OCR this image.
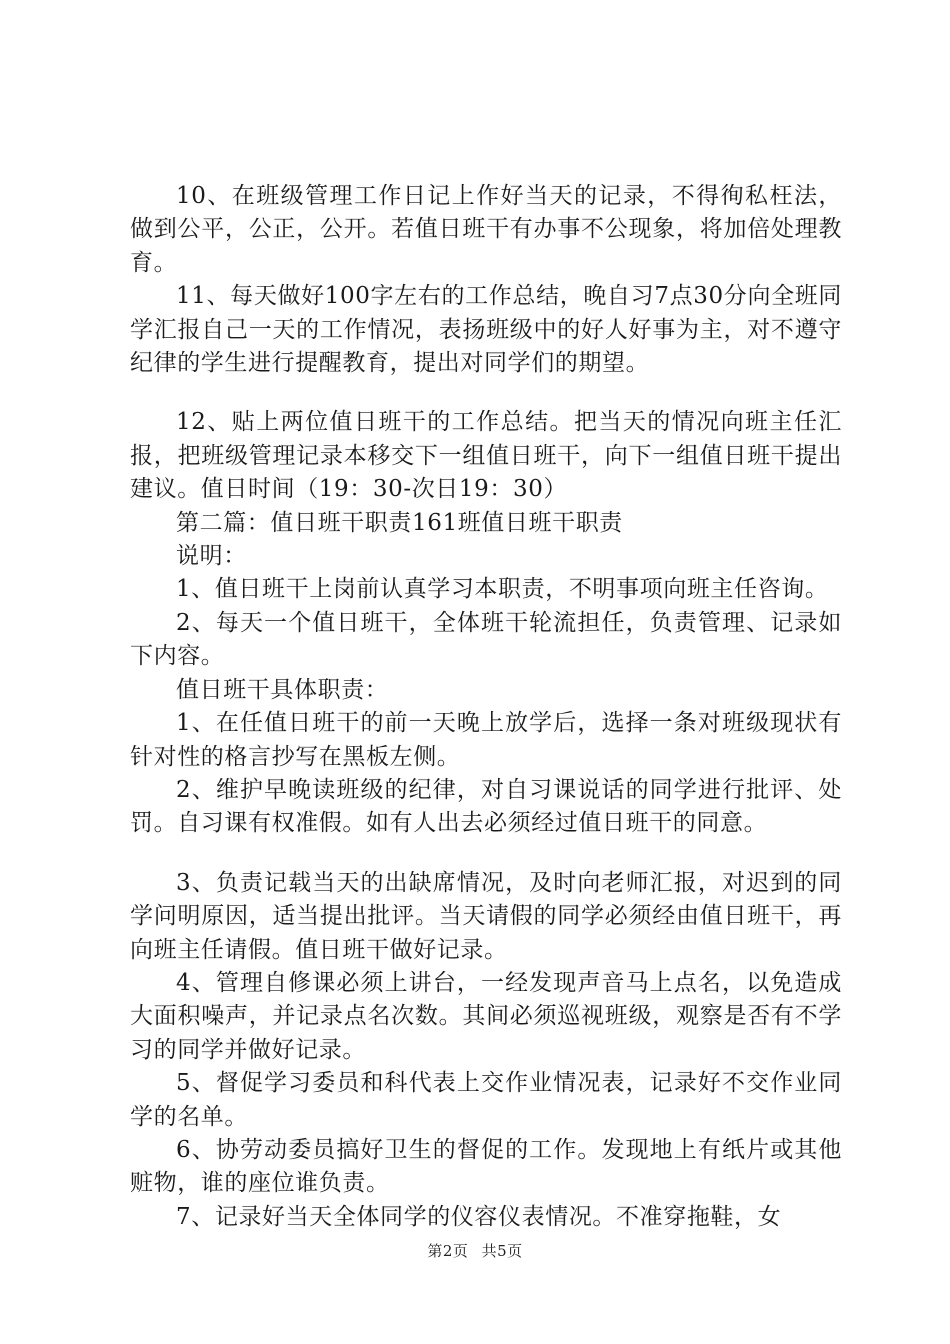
10、在班级管理工作日记上作好当天的记录，不得徇私枉法，做到公平，公正，公开。若值日班干有办事不公现象，将加倍处理教育。

11、每天做好100字左右的工作总结，晚自习7点30分向全班同学汇报自己一天的工作情况，表扬班级中的好人好事为主，对不遵守纪律的学生进行提醒教育，提出对同学们的期望。

12、贴上两位值日班干的工作总结。把当天的情况向班主任汇报，把班级管理记录本移交下一组值日班干，向下一组值日班干提出建议。值日时间（19：30-次日19：30）

第二篇：值日班干职责161班值日班干职责

说明：

1、值日班干上岗前认真学习本职责，不明事项向班主任咨询。

2、每天一个值日班干，全体班干轮流担任，负责管理、记录如下内容。

值日班干具体职责：

1、在任值日班干的前一天晚上放学后，选择一条对班级现状有针对性的格言抄写在黑板左侧。

2、维护早晚读班级的纪律，对自习课说话的同学进行批评、处罚。自习课有权准假。如有人出去必须经过值日班干的同意。

3、负责记载当天的出缺席情况，及时向老师汇报，对迟到的同学问明原因，适当提出批评。当天请假的同学必须经由值日班干，再向班主任请假。值日班干做好记录。

4、管理自修课必须上讲台，一经发现声音马上点名，以免造成大面积噪声，并记录点名次数。其间必须巡视班级，观察是否有不学习的同学并做好记录。

5、督促学习委员和科代表上交作业情况表，记录好不交作业同学的名单。

6、协劳动委员搞好卫生的督促的工作。发现地上有纸片或其他赃物，谁的座位谁负责。

7、记录好当天全体同学的仪容仪表情况。不准穿拖鞋，女

第2页 共5页
